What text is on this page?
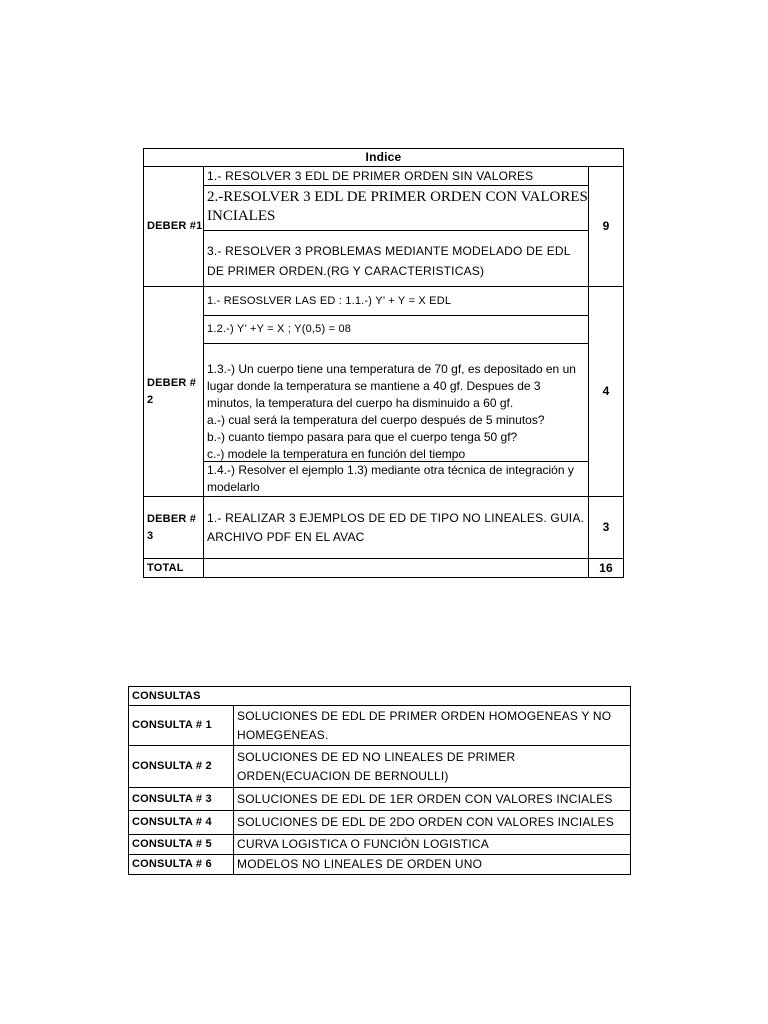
Indice
DEBER #1
1.- RESOLVER 3 EDL DE PRIMER ORDEN SIN VALORES
2.-RESOLVER 3 EDL DE PRIMER ORDEN CON VALORES INCIALES
3.- RESOLVER 3 PROBLEMAS MEDIANTE MODELADO DE EDL DE PRIMER ORDEN.(RG Y CARACTERISTICAS)
9
DEBER # 2
1.- RESOSLVER LAS ED : 1.1.-) Y’ + Y = X EDL
1.2.-) Y’ +Y = X ; Y(0,5) = 08

1.3.-) Un cuerpo tiene una temperatura de 70 gf, es depositado en un lugar donde la temperatura se mantiene a 40 gf. Despues de 3 minutos, la temperatura del cuerpo ha disminuido a 60 gf.
a.-) cual será la temperatura del cuerpo después de 5 minutos?
b.-) cuanto tiempo pasara para que el cuerpo tenga 50 gf?
c.-) modele la temperatura en función del tiempo

1.4.-) Resolver el ejemplo 1.3) mediante otra técnica de integración y modelarlo
4
DEBER # 3
1.- REALIZAR 3 EJEMPLOS DE ED DE TIPO NO LINEALES. GUIA. ARCHIVO PDF EN EL AVAC
3
TOTAL	16
CONSULTAS
CONSULTA # 1
SOLUCIONES DE EDL DE PRIMER ORDEN HOMOGENEAS Y NO HOMEGENEAS.
CONSULTA # 2
SOLUCIONES DE ED NO LINEALES DE PRIMER ORDEN(ECUACION DE BERNOULLI)
CONSULTA # 3 SOLUCIONES DE EDL DE 1ER ORDEN CON VALORES INCIALES
CONSULTA # 4 SOLUCIONES DE EDL DE 2DO ORDEN CON VALORES INCIALES
CONSULTA # 5 CURVA LOGISTICA O FUNCIÒN LOGISTICA
CONSULTA # 6 MODELOS NO LINEALES DE ORDEN UNO
